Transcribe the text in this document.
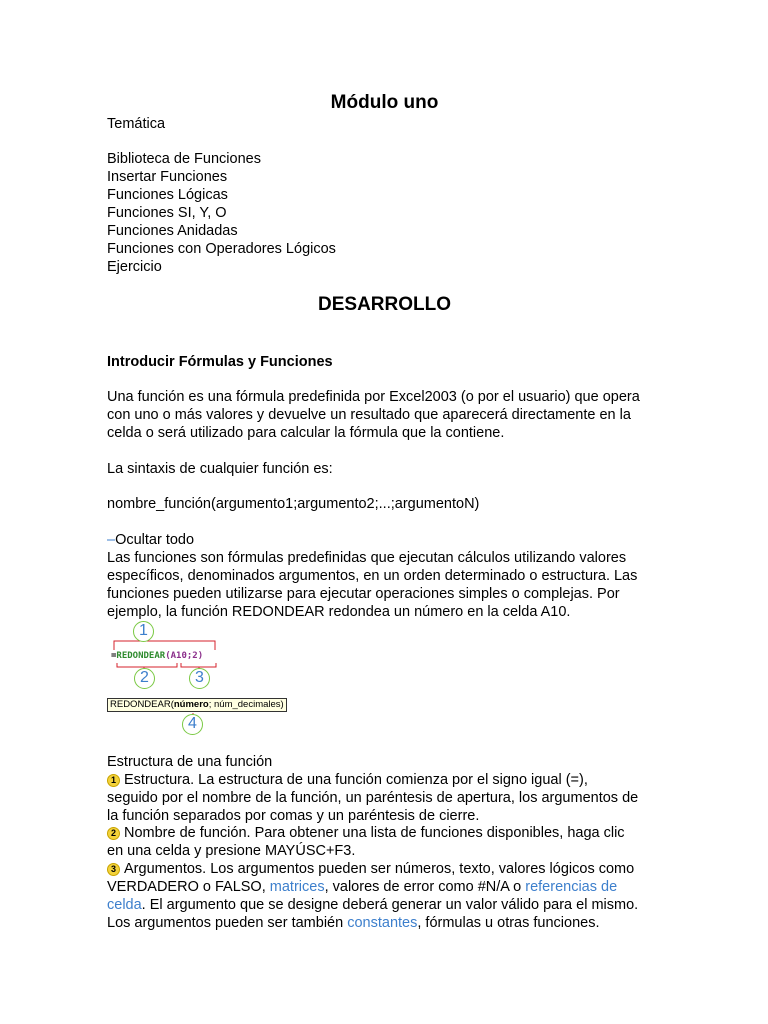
Módulo uno
Temática
Biblioteca de Funciones
Insertar Funciones
Funciones Lógicas
Funciones SI, Y, O
Funciones Anidadas
Funciones con Operadores Lógicos
Ejercicio
DESARROLLO
Introducir Fórmulas y Funciones
Una función es una fórmula predefinida por Excel2003 (o por el usuario) que opera
con uno o más valores y devuelve un resultado que aparecerá directamente en la
celda o será utilizado para calcular la fórmula que la contiene.
La sintaxis de cualquier función es:
nombre_función(argumento1;argumento2;...;argumentoN)
–Ocultar todo
Las funciones son fórmulas predefinidas que ejecutan cálculos utilizando valores
específicos, denominados argumentos, en un orden determinado o estructura. Las
funciones pueden utilizarse para ejecutar operaciones simples o complejas. Por
ejemplo, la función REDONDEAR redondea un número en la celda A10.
Estructura de una función
1 Estructura. La estructura de una función comienza por el signo igual (=),
seguido por el nombre de la función, un paréntesis de apertura, los argumentos de
la función separados por comas y un paréntesis de cierre.
2 Nombre de función. Para obtener una lista de funciones disponibles, haga clic
en una celda y presione MAYÚSC+F3.
3 Argumentos. Los argumentos pueden ser números, texto, valores lógicos como
VERDADERO o FALSO, matrices, valores de error como #N/A o referencias de
celda. El argumento que se designe deberá generar un valor válido para el mismo.
Los argumentos pueden ser también constantes, fórmulas u otras funciones.
1
=REDONDEAR(A10;2)
2	3
REDONDEAR(número; núm_decimales)
4
